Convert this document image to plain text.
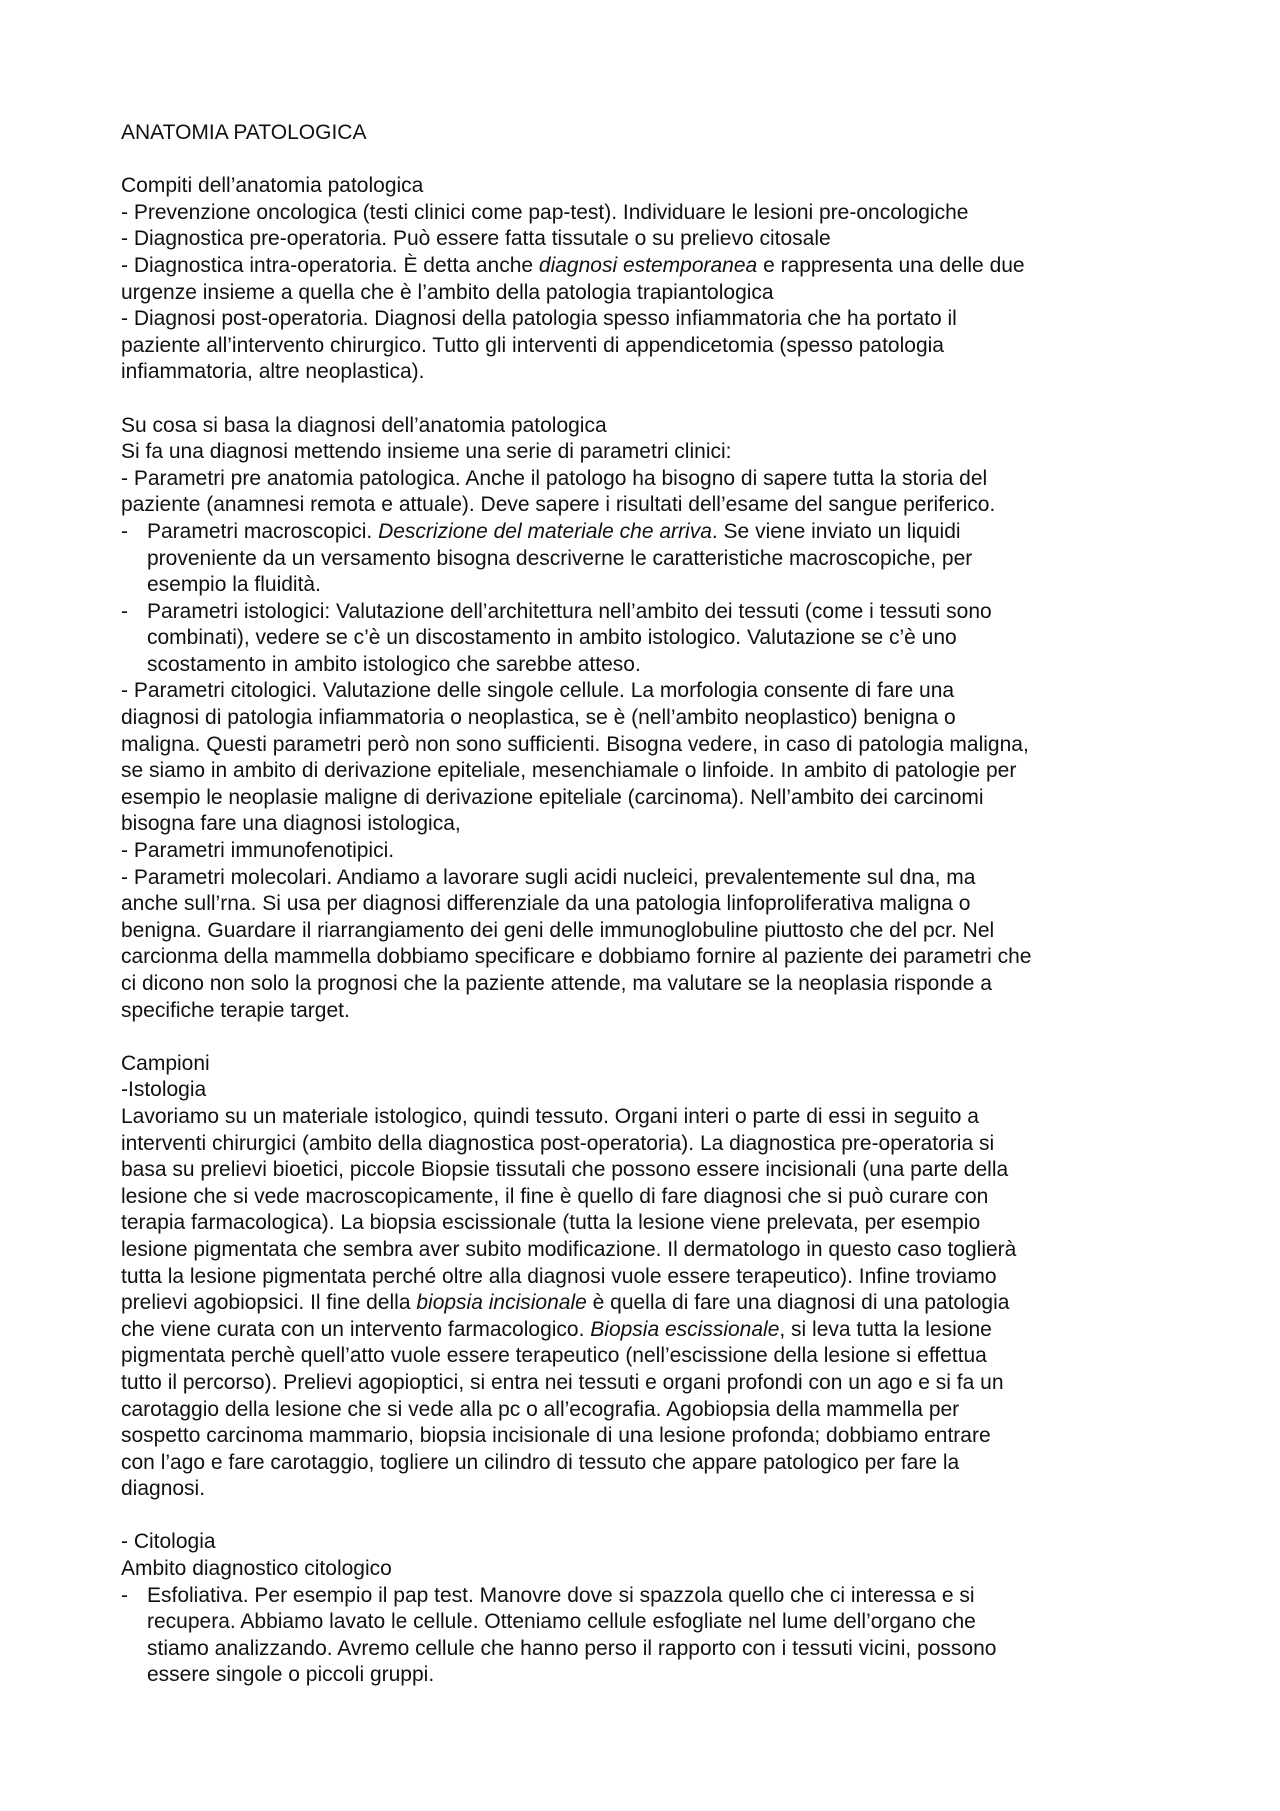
ANATOMIA PATOLOGICA
Compiti dell’anatomia patologica
- Prevenzione oncologica (testi clinici come pap-test). Individuare le lesioni pre-oncologiche
- Diagnostica pre-operatoria. Può essere fatta tissutale o su prelievo citosale
- Diagnostica intra-operatoria. È detta anche diagnosi estemporanea e rappresenta una delle due
urgenze insieme a quella che è l’ambito della patologia trapiantologica
- Diagnosi post-operatoria. Diagnosi della patologia spesso infiammatoria che ha portato il
paziente all’intervento chirurgico. Tutto gli interventi di appendicetomia (spesso patologia
infiammatoria, altre neoplastica).
Su cosa si basa la diagnosi dell’anatomia patologica
Si fa una diagnosi mettendo insieme una serie di parametri clinici:
- Parametri pre anatomia patologica. Anche il patologo ha bisogno di sapere tutta la storia del
paziente (anamnesi remota e attuale). Deve sapere i risultati dell’esame del sangue periferico.
- Parametri macroscopici. Descrizione del materiale che arriva. Se viene inviato un liquidi
proveniente da un versamento bisogna descriverne le caratteristiche macroscopiche, per
esempio la fluidità.
- Parametri istologici: Valutazione dell’architettura nell’ambito dei tessuti (come i tessuti sono
combinati), vedere se c’è un discostamento in ambito istologico. Valutazione se c’è uno
scostamento in ambito istologico che sarebbe atteso.
- Parametri citologici. Valutazione delle singole cellule. La morfologia consente di fare una
diagnosi di patologia infiammatoria o neoplastica, se è (nell’ambito neoplastico) benigna o
maligna. Questi parametri però non sono sufficienti. Bisogna vedere, in caso di patologia maligna,
se siamo in ambito di derivazione epiteliale, mesenchiamale o linfoide. In ambito di patologie per
esempio le neoplasie maligne di derivazione epiteliale (carcinoma). Nell’ambito dei carcinomi
bisogna fare una diagnosi istologica,
- Parametri immunofenotipici.
- Parametri molecolari. Andiamo a lavorare sugli acidi nucleici, prevalentemente sul dna, ma
anche sull’rna. Si usa per diagnosi differenziale da una patologia linfoproliferativa maligna o
benigna. Guardare il riarrangiamento dei geni delle immunoglobuline piuttosto che del pcr. Nel
carcionma della mammella dobbiamo specificare e dobbiamo fornire al paziente dei parametri che
ci dicono non solo la prognosi che la paziente attende, ma valutare se la neoplasia risponde a
specifiche terapie target.
Campioni
-Istologia
Lavoriamo su un materiale istologico, quindi tessuto. Organi interi o parte di essi in seguito a
interventi chirurgici (ambito della diagnostica post-operatoria). La diagnostica pre-operatoria si
basa su prelievi bioetici, piccole Biopsie tissutali che possono essere incisionali (una parte della
lesione che si vede macroscopicamente, il fine è quello di fare diagnosi che si può curare con
terapia farmacologica). La biopsia escissionale (tutta la lesione viene prelevata, per esempio
lesione pigmentata che sembra aver subito modificazione. Il dermatologo in questo caso toglierà
tutta la lesione pigmentata perché oltre alla diagnosi vuole essere terapeutico). Infine troviamo
prelievi agobiopsici. Il fine della biopsia incisionale è quella di fare una diagnosi di una patologia
che viene curata con un intervento farmacologico. Biopsia escissionale, si leva tutta la lesione
pigmentata perchè quell’atto vuole essere terapeutico (nell’escissione della lesione si effettua
tutto il percorso). Prelievi agopioptici, si entra nei tessuti e organi profondi con un ago e si fa un
carotaggio della lesione che si vede alla pc o all’ecografia. Agobiopsia della mammella per
sospetto carcinoma mammario, biopsia incisionale di una lesione profonda; dobbiamo entrare
con l’ago e fare carotaggio, togliere un cilindro di tessuto che appare patologico per fare la
diagnosi.
- Citologia
Ambito diagnostico citologico
- Esfoliativa. Per esempio il pap test. Manovre dove si spazzola quello che ci interessa e si
recupera. Abbiamo lavato le cellule. Otteniamo cellule esfogliate nel lume dell’organo che
stiamo analizzando. Avremo cellule che hanno perso il rapporto con i tessuti vicini, possono
essere singole o piccoli gruppi.
